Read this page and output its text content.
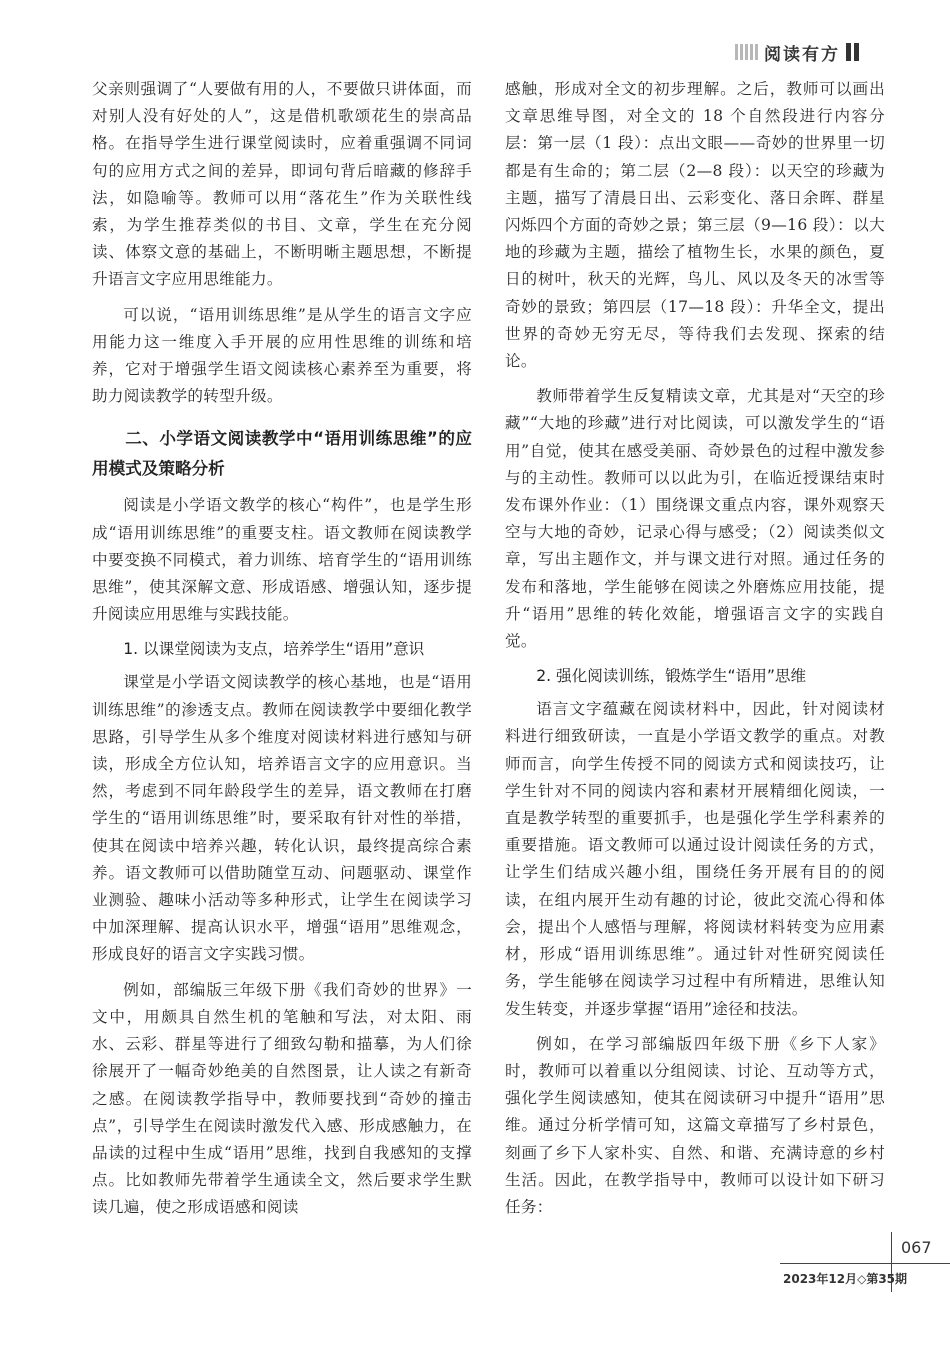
阅读有方

父亲则强调了“人要做有用的人，不要做只讲体面，而对别人没有好处的人”，这是借机歌颂花生的崇高品格。在指导学生进行课堂阅读时，应着重强调不同词句的应用方式之间的差异，即词句背后暗藏的修辞手法，如隐喻等。教师可以用“落花生”作为关联性线索，为学生推荐类似的书目、文章，学生在充分阅读、体察文意的基础上，不断明晰主题思想，不断提升语言文字应用思维能力。

可以说，“语用训练思维”是从学生的语言文字应用能力这一维度入手开展的应用性思维的训练和培养，它对于增强学生语文阅读核心素养至为重要，将助力阅读教学的转型升级。

二、小学语文阅读教学中“语用训练思维”的应用模式及策略分析

阅读是小学语文教学的核心“构件”，也是学生形成“语用训练思维”的重要支柱。语文教师在阅读教学中要变换不同模式，着力训练、培育学生的“语用训练思维”，使其深解文意、形成语感、增强认知，逐步提升阅读应用思维与实践技能。

1. 以课堂阅读为支点，培养学生“语用”意识

课堂是小学语文阅读教学的核心基地，也是“语用训练思维”的渗透支点。教师在阅读教学中要细化教学思路，引导学生从多个维度对阅读材料进行感知与研读，形成全方位认知，培养语言文字的应用意识。当然，考虑到不同年龄段学生的差异，语文教师在打磨学生的“语用训练思维”时，要采取有针对性的举措，使其在阅读中培养兴趣，转化认识，最终提高综合素养。语文教师可以借助随堂互动、问题驱动、课堂作业测验、趣味小活动等多种形式，让学生在阅读学习中加深理解、提高认识水平，增强“语用”思维观念，形成良好的语言文字实践习惯。

例如，部编版三年级下册《我们奇妙的世界》一文中，用颇具自然生机的笔触和写法，对太阳、雨水、云彩、群星等进行了细致勾勒和描摹，为人们徐徐展开了一幅奇妙绝美的自然图景，让人读之有新奇之感。在阅读教学指导中，教师要找到“奇妙的撞击点”，引导学生在阅读时激发代入感、形成感触力，在品读的过程中生成“语用”思维，找到自我感知的支撑点。比如教师先带着学生通读全文，然后要求学生默读几遍，使之形成语感和阅读

感触，形成对全文的初步理解。之后，教师可以画出文章思维导图，对全文的 18 个自然段进行内容分层：第一层（1 段）：点出文眼——奇妙的世界里一切都是有生命的；第二层（2—8 段）：以天空的珍藏为主题，描写了清晨日出、云彩变化、落日余晖、群星闪烁四个方面的奇妙之景；第三层（9—16 段）：以大地的珍藏为主题，描绘了植物生长，水果的颜色，夏日的树叶，秋天的光辉，鸟儿、风以及冬天的冰雪等奇妙的景致；第四层（17—18 段）：升华全文，提出世界的奇妙无穷无尽，等待我们去发现、探索的结论。

教师带着学生反复精读文章，尤其是对“天空的珍藏”“大地的珍藏”进行对比阅读，可以激发学生的“语用”自觉，使其在感受美丽、奇妙景色的过程中激发参与的主动性。教师可以以此为引，在临近授课结束时发布课外作业：（1）围绕课文重点内容，课外观察天空与大地的奇妙，记录心得与感受；（2）阅读类似文章，写出主题作文，并与课文进行对照。通过任务的发布和落地，学生能够在阅读之外磨炼应用技能，提升“语用”思维的转化效能，增强语言文字的实践自觉。

2. 强化阅读训练，锻炼学生“语用”思维

语言文字蕴藏在阅读材料中，因此，针对阅读材料进行细致研读，一直是小学语文教学的重点。对教师而言，向学生传授不同的阅读方式和阅读技巧，让学生针对不同的阅读内容和素材开展精细化阅读，一直是教学转型的重要抓手，也是强化学生学科素养的重要措施。语文教师可以通过设计阅读任务的方式，让学生们结成兴趣小组，围绕任务开展有目的的阅读，在组内展开生动有趣的讨论，彼此交流心得和体会，提出个人感悟与理解，将阅读材料转变为应用素材，形成“语用训练思维”。通过针对性研究阅读任务，学生能够在阅读学习过程中有所精进，思维认知发生转变，并逐步掌握“语用”途径和技法。

例如，在学习部编版四年级下册《乡下人家》时，教师可以着重以分组阅读、讨论、互动等方式，强化学生阅读感知，使其在阅读研习中提升“语用”思维。通过分析学情可知，这篇文章描写了乡村景色，刻画了乡下人家朴实、自然、和谐、充满诗意的乡村生活。因此，在教学指导中，教师可以设计如下研习任务：

067
2023年12月◇第35期
